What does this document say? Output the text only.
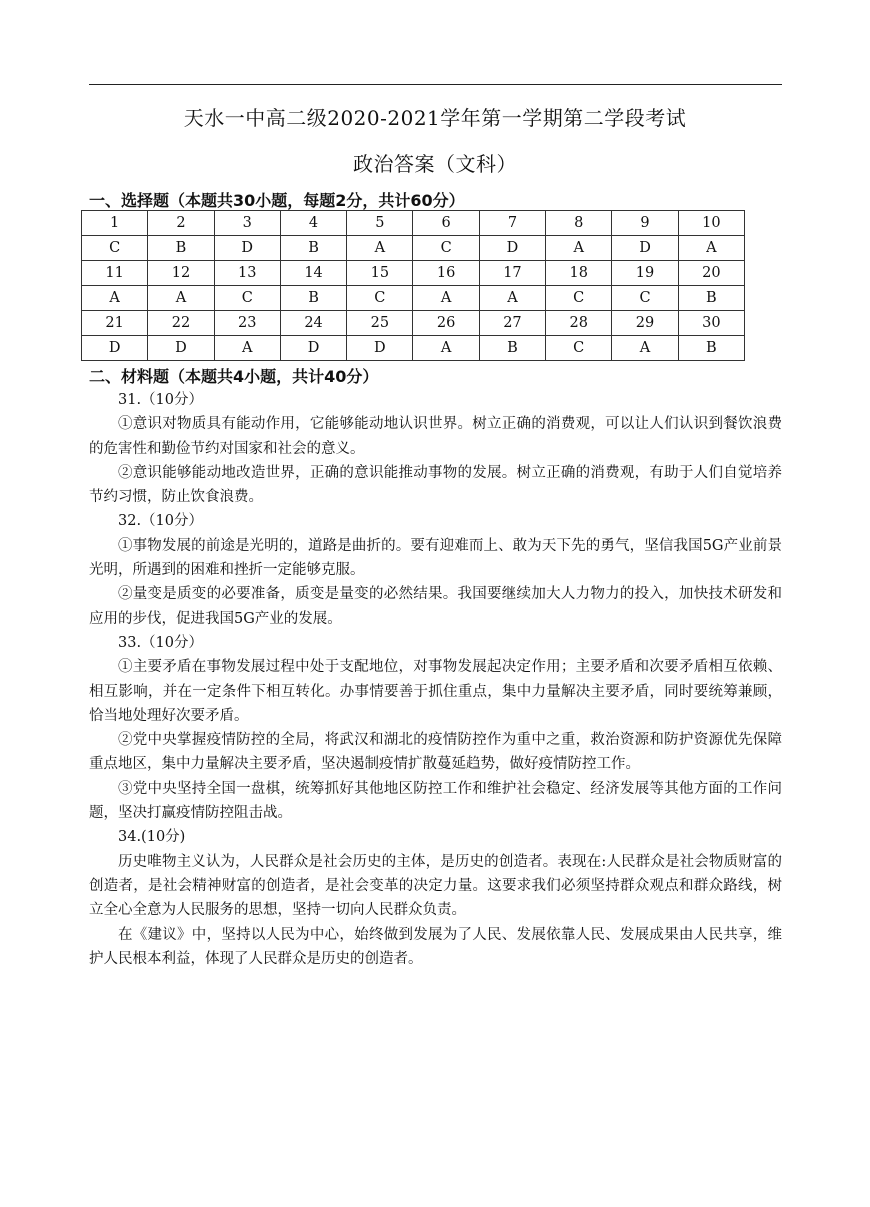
天水一中高二级2020-2021学年第一学期第二学段考试
政治答案（文科）
一、选择题（本题共30小题，每题2分，共计60分）
1	2	3	4	5	6	7	8	9	10
C	B	D	B	A	C	D	A	D	A
11	12	13	14	15	16	17	18	19	20
A	A	C	B	C	A	A	C	C	B
21	22	23	24	25	26	27	28	29	30
D	D	A	D	D	A	B	C	A	B
二、材料题（本题共4小题，共计40分）

31.（10分）

①意识对物质具有能动作用，它能够能动地认识世界。树立正确的消费观，可以让人们认识到餐饮浪费的危害性和勤俭节约对国家和社会的意义。

②意识能够能动地改造世界，正确的意识能推动事物的发展。树立正确的消费观，有助于人们自觉培养节约习惯，防止饮食浪费。

32.（10分）

①事物发展的前途是光明的，道路是曲折的。要有迎难而上、敢为天下先的勇气，坚信我国5G产业前景光明，所遇到的困难和挫折一定能够克服。

②量变是质变的必要准备，质变是量变的必然结果。我国要继续加大人力物力的投入，加快技术研发和应用的步伐，促进我国5G产业的发展。

33.（10分）

①主要矛盾在事物发展过程中处于支配地位，对事物发展起决定作用；主要矛盾和次要矛盾相互依赖、相互影响，并在一定条件下相互转化。办事情要善于抓住重点，集中力量解决主要矛盾，同时要统筹兼顾，恰当地处理好次要矛盾。

②党中央掌握疫情防控的全局，将武汉和湖北的疫情防控作为重中之重，救治资源和防护资源优先保障重点地区，集中力量解决主要矛盾，坚决遏制疫情扩散蔓延趋势，做好疫情防控工作。

③党中央坚持全国一盘棋，统筹抓好其他地区防控工作和维护社会稳定、经济发展等其他方面的工作问题，坚决打赢疫情防控阻击战。

34.(10分)

历史唯物主义认为，人民群众是社会历史的主体，是历史的创造者。表现在:人民群众是社会物质财富的创造者，是社会精神财富的创造者，是社会变革的决定力量。这要求我们必须坚持群众观点和群众路线，树立全心全意为人民服务的思想，坚持一切向人民群众负责。

在《建议》中，坚持以人民为中心，始终做到发展为了人民、发展依靠人民、发展成果由人民共享，维护人民根本利益，体现了人民群众是历史的创造者。
